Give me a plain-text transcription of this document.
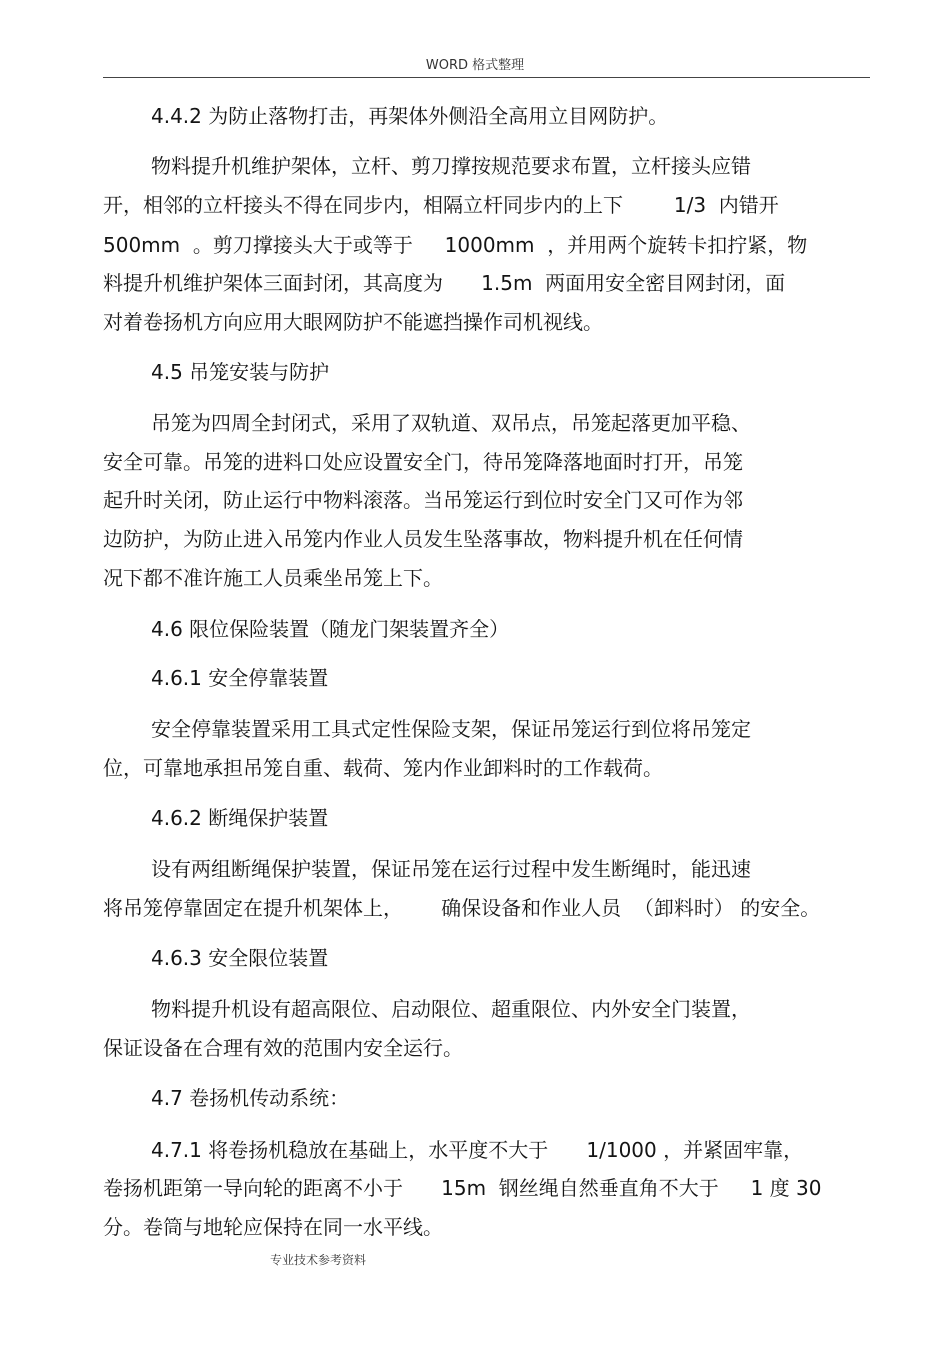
WORD 格式整理
4.4.2 为防止落物打击，再架体外侧沿全高用立目网防护。
物料提升机维护架体，立杆、剪刀撑按规范要求布置，立杆接头应错
开，相邻的立杆接头不得在同步内，相隔立杆同步内的上下        1/3  内错开
500mm  。剪刀撑接头大于或等于     1000mm  ，并用两个旋转卡扣拧紧，物
料提升机维护架体三面封闭，其高度为      1.5m  两面用安全密目网封闭，面
对着卷扬机方向应用大眼网防护不能遮挡操作司机视线。
4.5 吊笼安装与防护
吊笼为四周全封闭式，采用了双轨道、双吊点，吊笼起落更加平稳、
安全可靠。吊笼的进料口处应设置安全门，待吊笼降落地面时打开，吊笼
起升时关闭，防止运行中物料滚落。当吊笼运行到位时安全门又可作为邻
边防护，为防止进入吊笼内作业人员发生坠落事故，物料提升机在任何情
况下都不准许施工人员乘坐吊笼上下。
4.6 限位保险装置（随龙门架装置齐全）
4.6.1 安全停靠装置
安全停靠装置采用工具式定性保险支架，保证吊笼运行到位将吊笼定
位，可靠地承担吊笼自重、载荷、笼内作业卸料时的工作载荷。
4.6.2 断绳保护装置
设有两组断绳保护装置，保证吊笼在运行过程中发生断绳时，能迅速
将吊笼停靠固定在提升机架体上，      确保设备和作业人员  （卸料时） 的安全。
4.6.3 安全限位装置
物料提升机设有超高限位、启动限位、超重限位、内外安全门装置，
保证设备在合理有效的范围内安全运行。
4.7 卷扬机传动系统：
4.7.1 将卷扬机稳放在基础上，水平度不大于      1/1000 ，并紧固牢靠，
卷扬机距第一导向轮的距离不小于      15m  钢丝绳自然垂直角不大于     1 度 30
分。卷筒与地轮应保持在同一水平线。
专业技术参考资料
